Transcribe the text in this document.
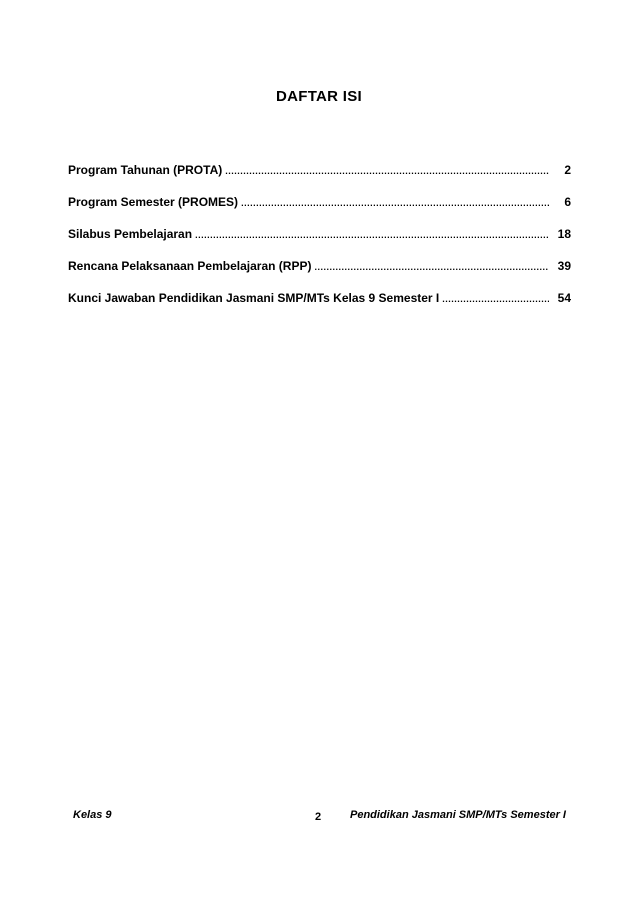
DAFTAR ISI
Program Tahunan (PROTA) .....	2
Program Semester (PROMES) .....	6
Silabus Pembelajaran .....	18
Rencana Pelaksanaan Pembelajaran (RPP) .....	39
Kunci Jawaban Pendidikan Jasmani SMP/MTs Kelas 9 Semester I .....	54
Kelas 9	2	Pendidikan Jasmani SMP/MTs Semester I
